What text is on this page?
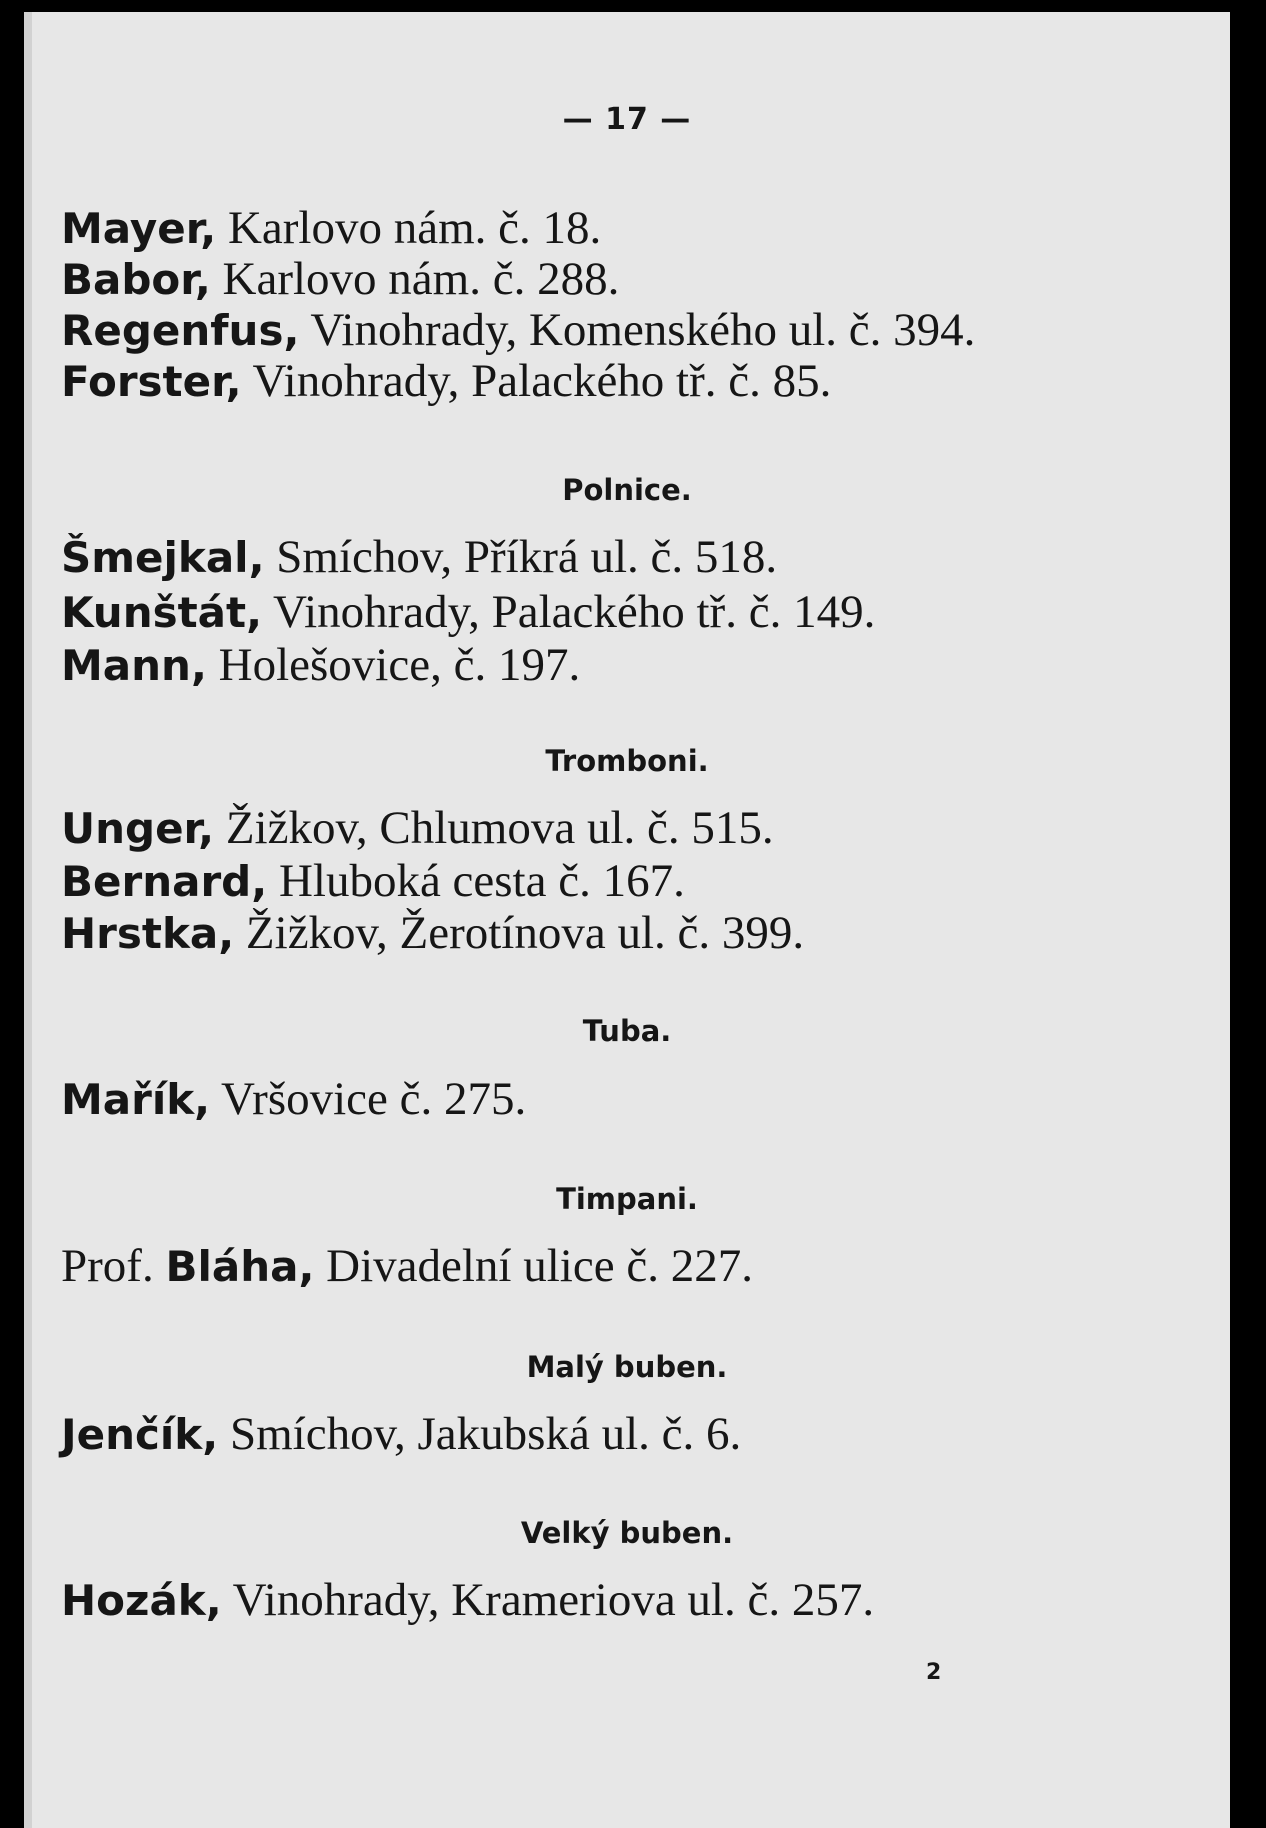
— 17 —
Mayer, Karlovo nám. č. 18.
Babor, Karlovo nám. č. 288.
Regenfus, Vinohrady, Komenského ul. č. 394.
Forster, Vinohrady, Palackého tř. č. 85.
Polnice.
Šmejkal, Smíchov, Příkrá ul. č. 518.
Kunštát, Vinohrady, Palackého tř. č. 149.
Mann, Holešovice, č. 197.
Tromboni.
Unger, Žižkov, Chlumova ul. č. 515.
Bernard, Hluboká cesta č. 167.
Hrstka, Žižkov, Žerotínova ul. č. 399.
Tuba.
Mařík, Vršovice č. 275.
Timpani.
Prof. Bláha, Divadelní ulice č. 227.
Malý buben.
Jenčík, Smíchov, Jakubská ul. č. 6.
Velký buben.
Hozák, Vinohrady, Krameriova ul. č. 257.
2
